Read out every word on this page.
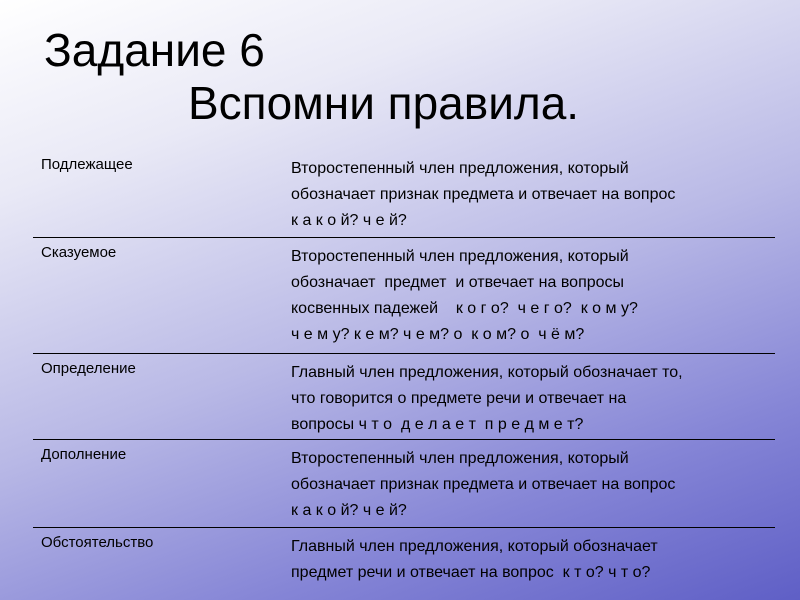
Задание 6
Вспомни правила.
Подлежащее	Второстепенный член предложения, который
обозначает признак предмета и отвечает на вопрос
к а к о й? ч е й?
Сказуемое	Второстепенный член предложения, который
обозначает  предмет  и отвечает на вопросы
косвенных падежей    к о г о?  ч е г о?  к о м у?
ч е м у? к е м? ч е м? о  к о м? о  ч ё м?
Определение	Главный член предложения, который обозначает то,
что говорится о предмете речи и отвечает на
вопросы ч т о  д е л а е т  п р е д м е т?
Дополнение	Второстепенный член предложения, который
обозначает признак предмета и отвечает на вопрос
к а к о й? ч е й?
Обстоятельство	Главный член предложения, который обозначает
предмет речи и отвечает на вопрос  к т о? ч т о?
